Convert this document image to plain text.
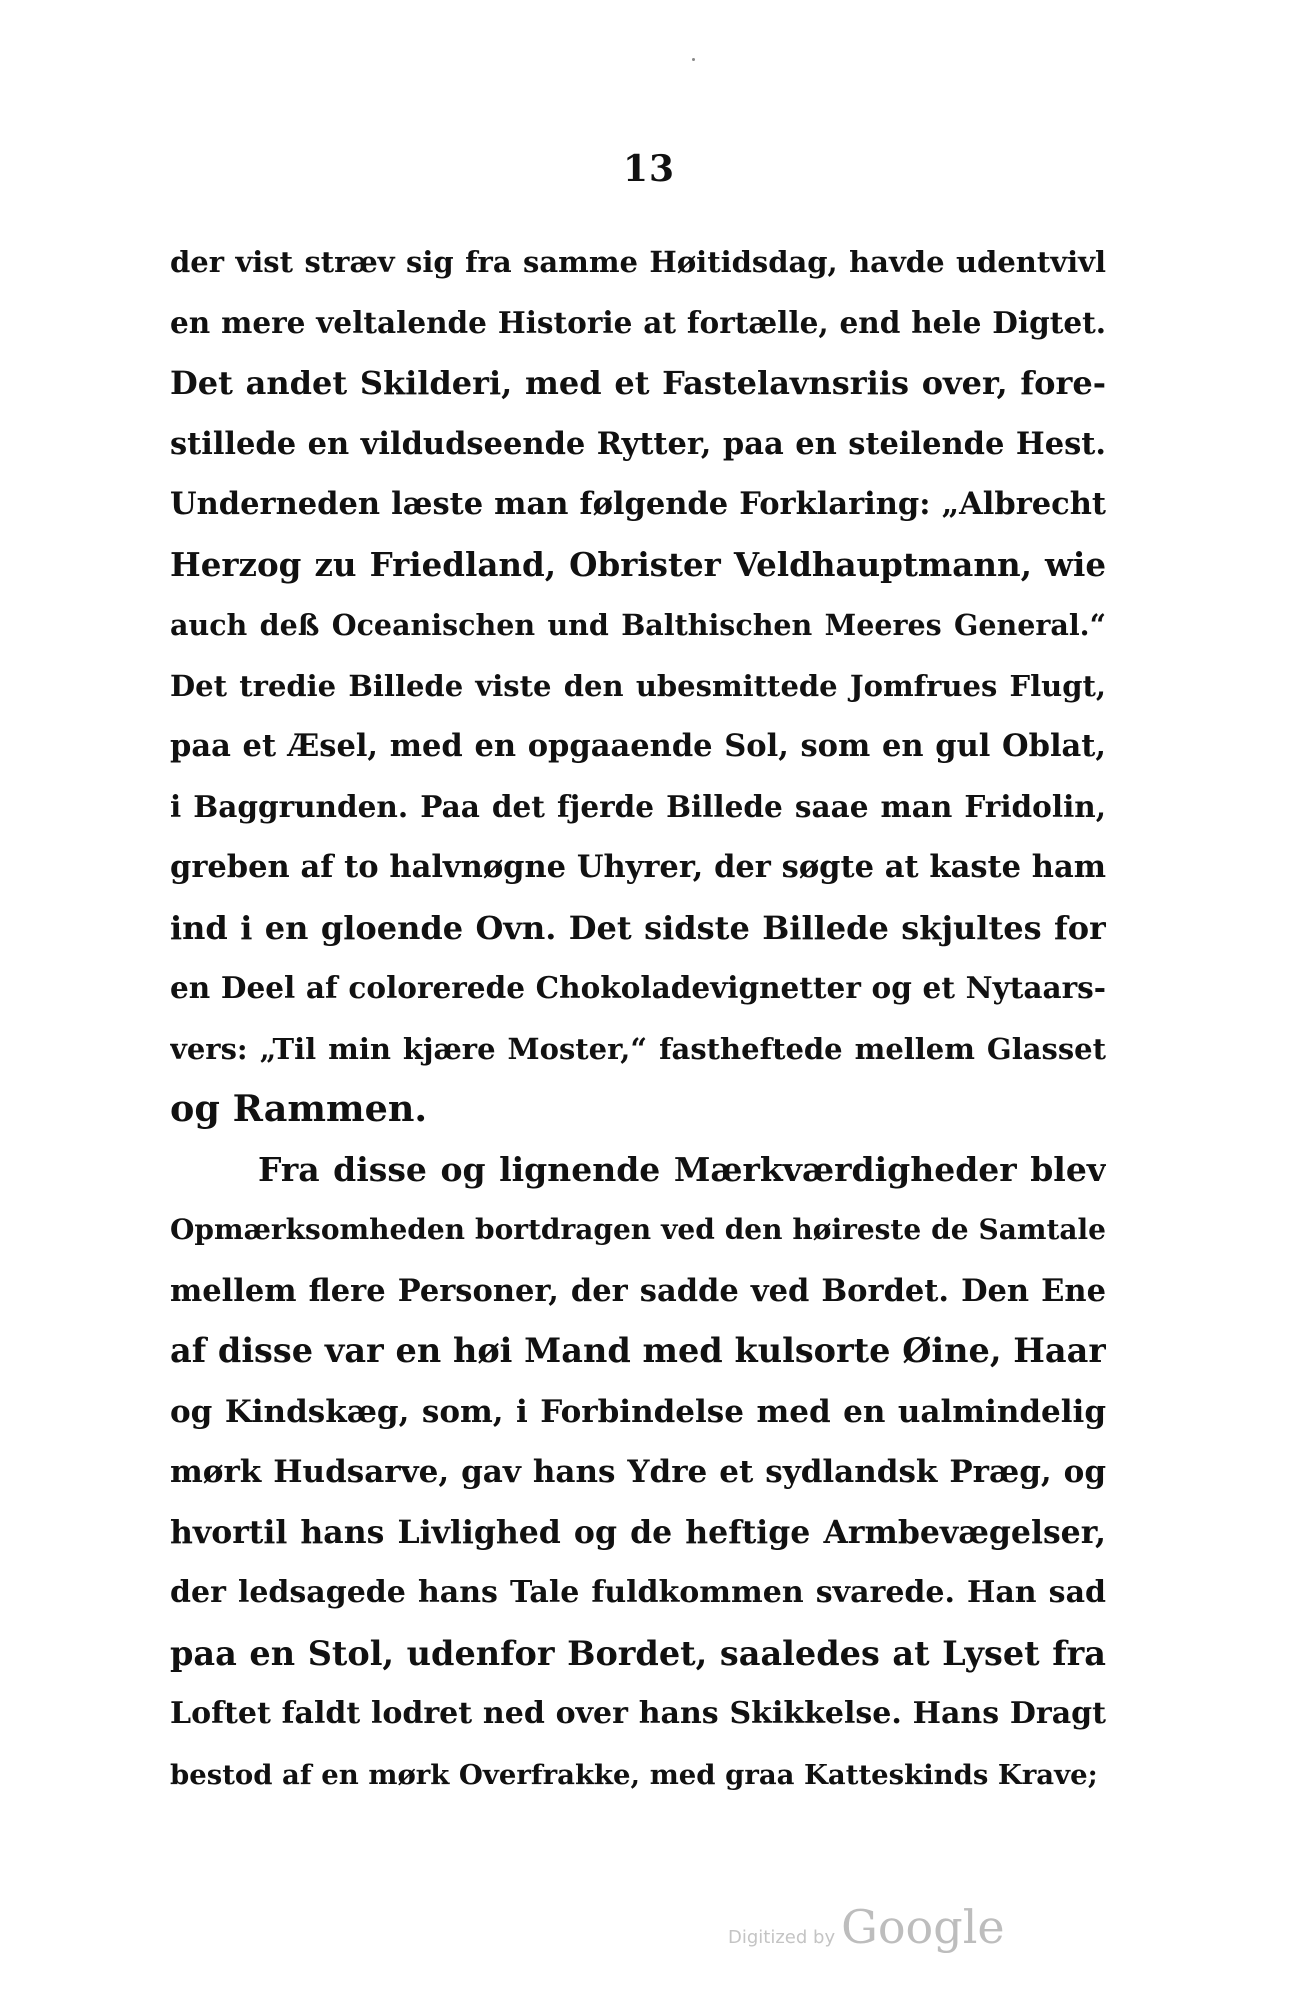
13
der vist stræv sig fra samme Høitidsdag, havde udentvivl
en mere veltalende Historie at fortælle, end hele Digtet.
Det andet Skilderi, med et Fastelavnsriis over, fore-
stillede en vildudseende Rytter, paa en steilende Hest.
Underneden læste man følgende Forklaring: „Albrecht
Herzog zu Friedland, Obrister Veldhauptmann, wie
auch deß Oceanischen und Balthischen Meeres General.“
Det tredie Billede viste den ubesmittede Jomfrues Flugt,
paa et Æsel, med en opgaaende Sol, som en gul Oblat,
i Baggrunden. Paa det fjerde Billede saae man Fridolin,
greben af to halvnøgne Uhyrer, der søgte at kaste ham
ind i en gloende Ovn. Det sidste Billede skjultes for
en Deel af colorerede Chokoladevignetter og et Nytaars-
vers: „Til min kjære Moster,“ fastheftede mellem Glasset
og Rammen.
Fra disse og lignende Mærkværdigheder blev
Opmærksomheden bortdragen ved den høireste de Samtale
mellem flere Personer, der sadde ved Bordet. Den Ene
af disse var en høi Mand med kulsorte Øine, Haar
og Kindskæg, som, i Forbindelse med en ualmindelig
mørk Hudsarve, gav hans Ydre et sydlandsk Præg, og
hvortil hans Livlighed og de heftige Armbevægelser,
der ledsagede hans Tale fuldkommen svarede. Han sad
paa en Stol, udenfor Bordet, saaledes at Lyset fra
Loftet faldt lodret ned over hans Skikkelse. Hans Dragt
bestod af en mørk Overfrakke, med graa Katteskinds Krave;
Digitized by Google
